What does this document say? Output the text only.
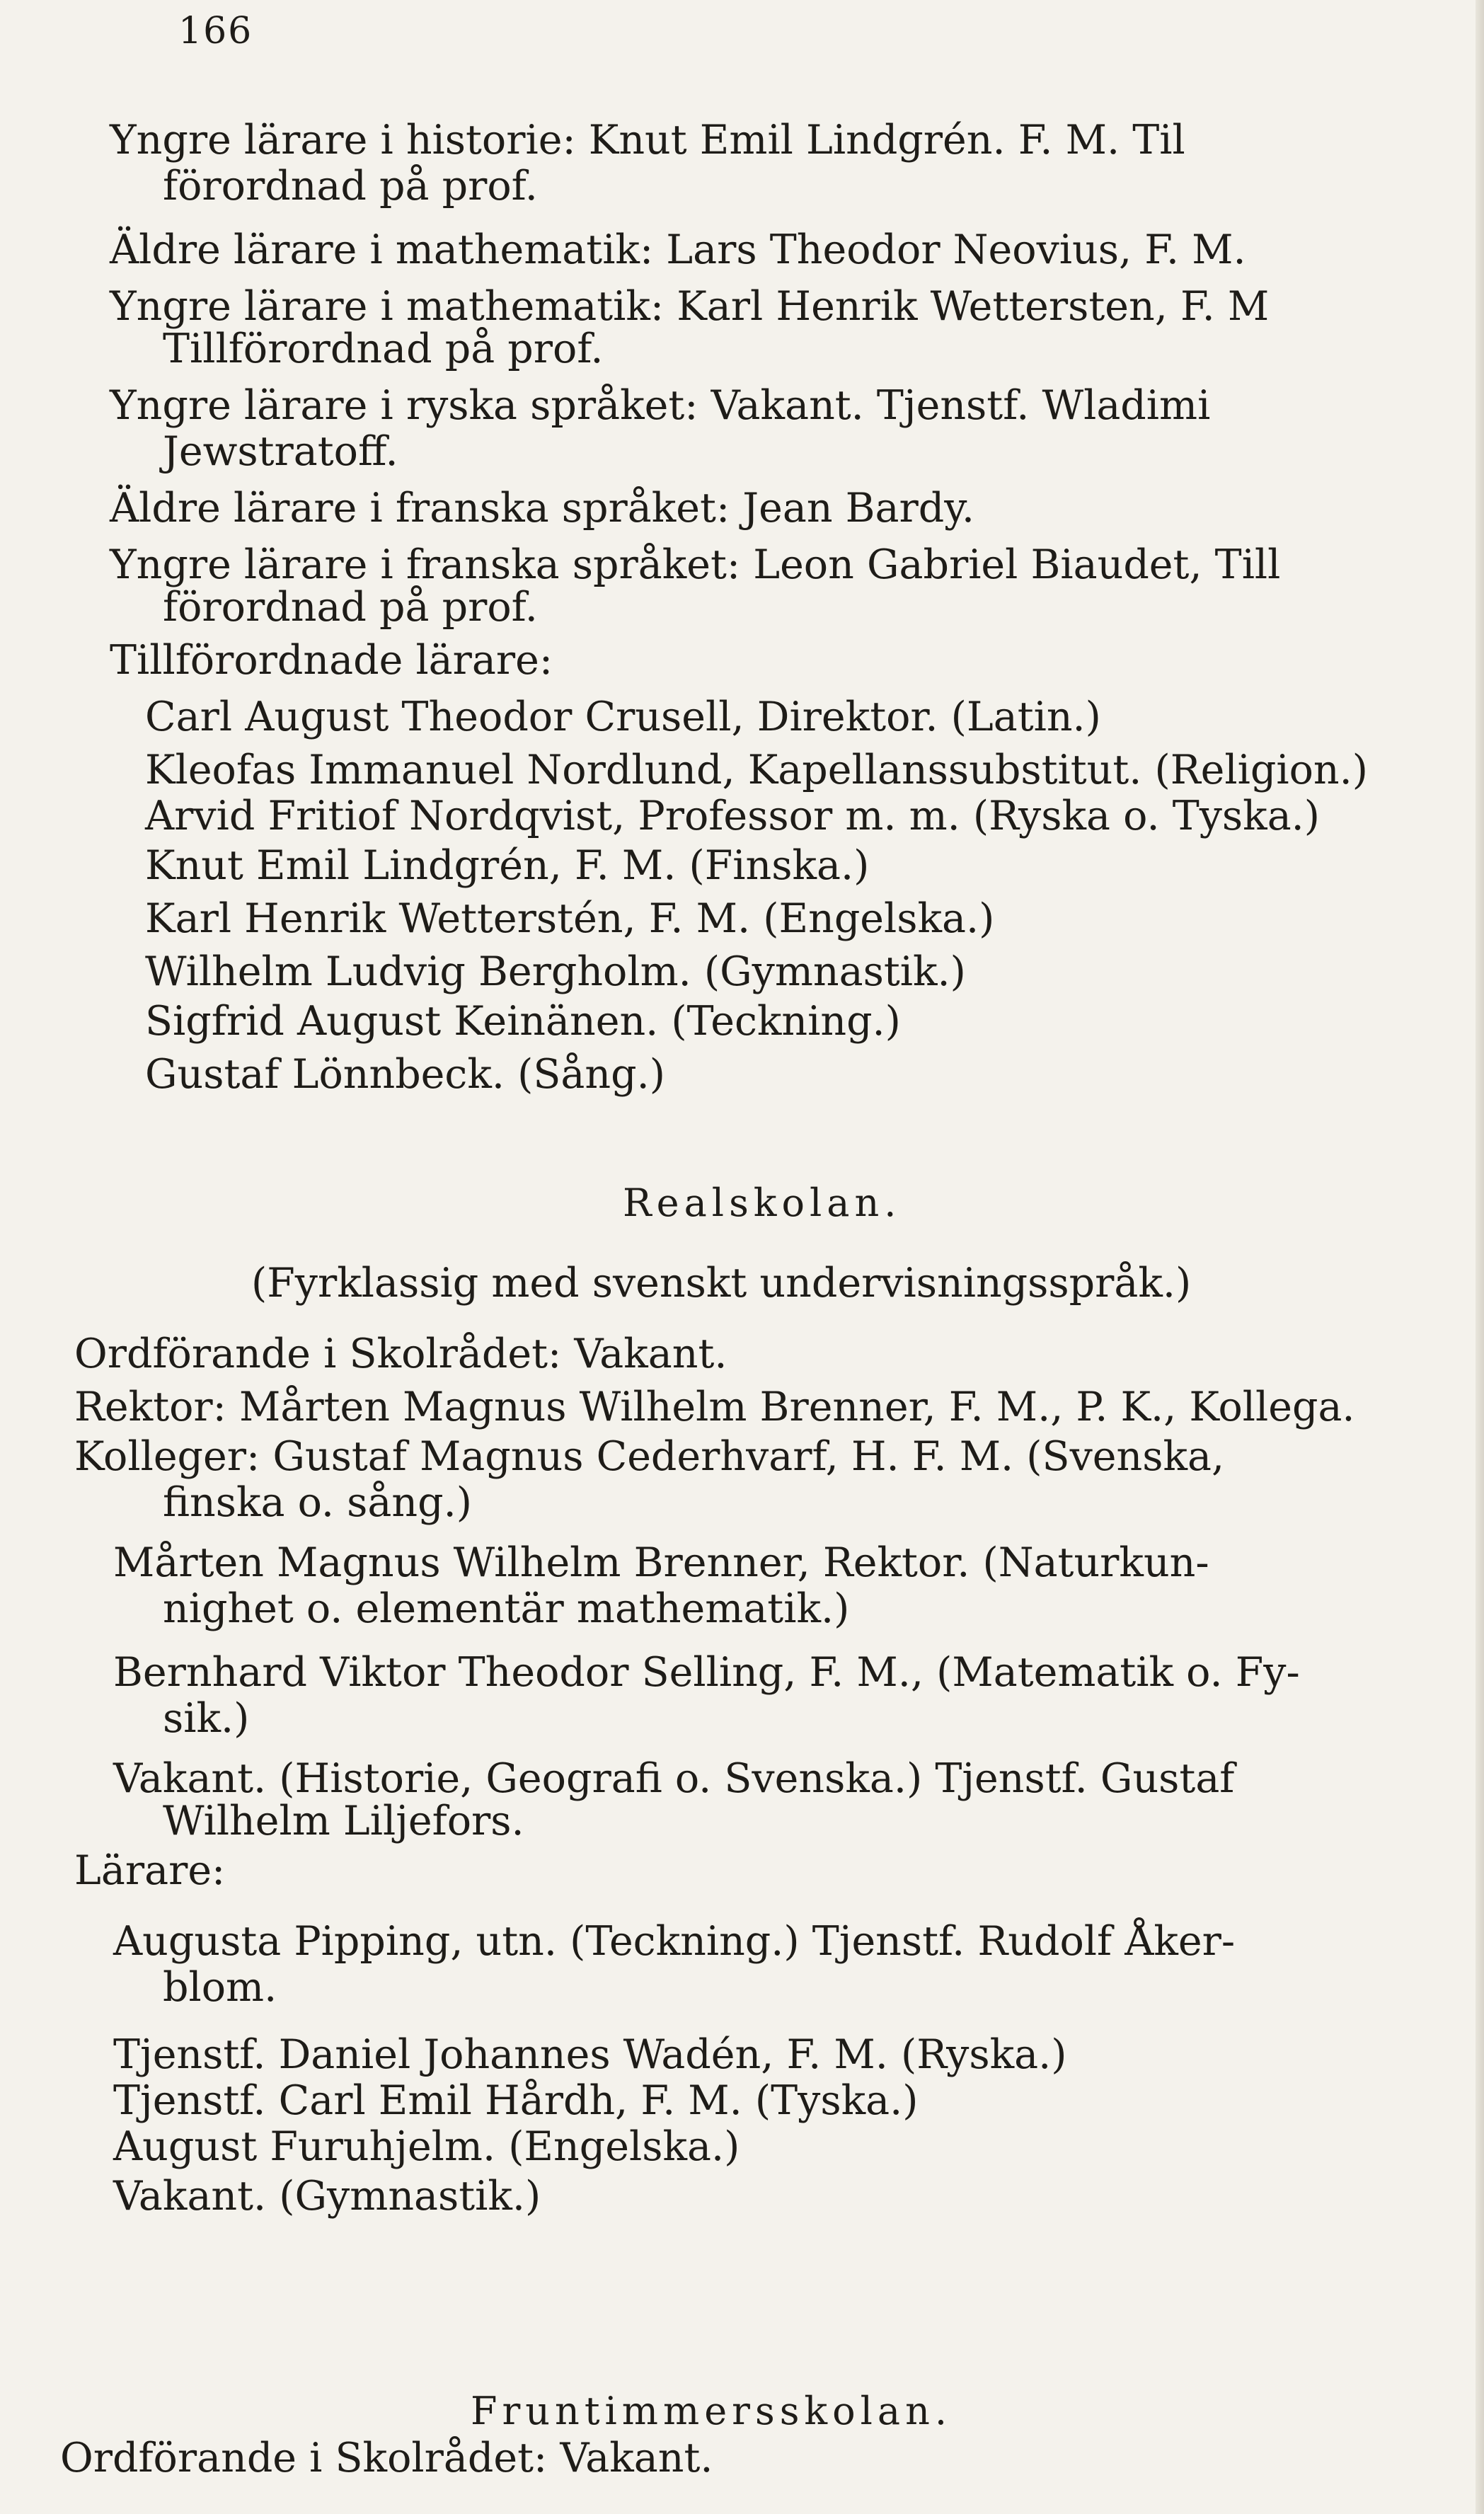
166
Yngre lärare i historie: Knut Emil Lindgrén. F. M. Til
förordnad på prof.
Äldre lärare i mathematik: Lars Theodor Neovius, F. M.
Yngre lärare i mathematik: Karl Henrik Wettersten, F. M
Tillförordnad på prof.
Yngre lärare i ryska språket: Vakant. Tjenstf. Wladimi
Jewstratoff.
Äldre lärare i franska språket: Jean Bardy.
Yngre lärare i franska språket: Leon Gabriel Biaudet, Till
förordnad på prof.
Tillförordnade lärare:
Carl August Theodor Crusell, Direktor. (Latin.)
Kleofas Immanuel Nordlund, Kapellanssubstitut. (Religion.)
Arvid Fritiof Nordqvist, Professor m. m. (Ryska o. Tyska.)
Knut Emil Lindgrén, F. M. (Finska.)
Karl Henrik Wetterstén, F. M. (Engelska.)
Wilhelm Ludvig Bergholm. (Gymnastik.)
Sigfrid August Keinänen. (Teckning.)
Gustaf Lönnbeck. (Sång.)
Realskolan.
(Fyrklassig med svenskt undervisningsspråk.)
Ordförande i Skolrådet: Vakant.
Rektor: Mårten Magnus Wilhelm Brenner, F. M., P. K., Kollega.
Kolleger: Gustaf Magnus Cederhvarf, H. F. M. (Svenska,
finska o. sång.)
Mårten Magnus Wilhelm Brenner, Rektor. (Naturkun-
nighet o. elementär mathematik.)
Bernhard Viktor Theodor Selling, F. M., (Matematik o. Fy-
sik.)
Vakant. (Historie, Geografi o. Svenska.) Tjenstf. Gustaf
Wilhelm Liljefors.
Lärare:
Augusta Pipping, utn. (Teckning.) Tjenstf. Rudolf Åker-
blom.
Tjenstf. Daniel Johannes Wadén, F. M. (Ryska.)
Tjenstf. Carl Emil Hårdh, F. M. (Tyska.)
August Furuhjelm. (Engelska.)
Vakant. (Gymnastik.)
Fruntimmersskolan.
Ordförande i Skolrådet: Vakant.
